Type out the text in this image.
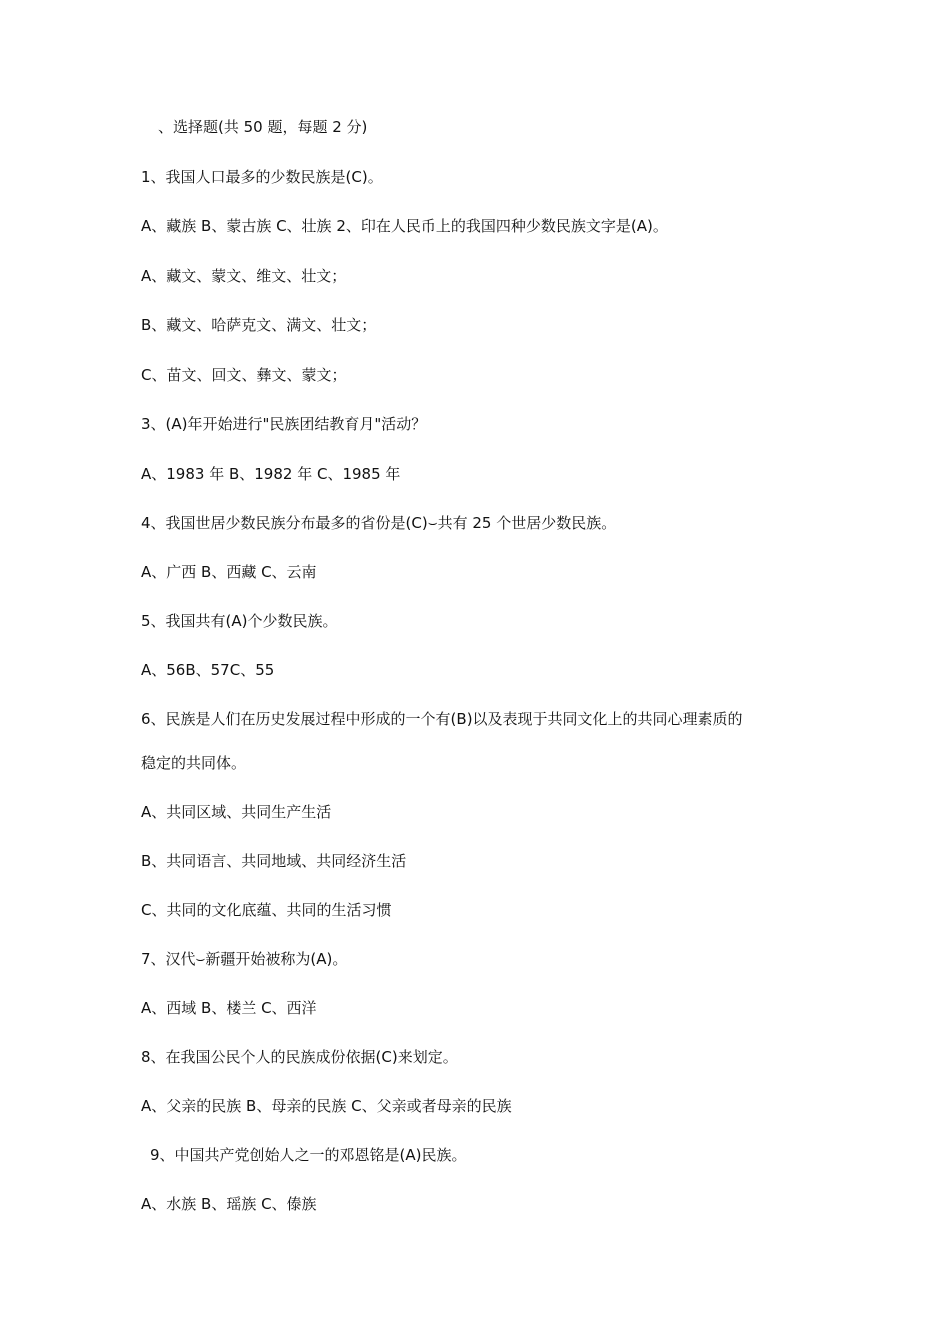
、选择题(共 50 题，每题 2 分)
1、我国人口最多的少数民族是(C)。
A、藏族 B、蒙古族 C、壮族 2、印在人民币上的我国四种少数民族文字是(A)。
A、藏文、蒙文、维文、壮文；
B、藏文、哈萨克文、满文、壮文；
C、苗文、回文、彝文、蒙文；
3、(A)年开始进行"民族团结教育月"活动？
A、1983 年 B、1982 年 C、1985 年
4、我国世居少数民族分布最多的省份是(C)⌣共有 25 个世居少数民族。
A、广西 B、西藏 C、云南
5、我国共有(A)个少数民族。
A、56B、57C、55
6、民族是人们在历史发展过程中形成的一个有(B)以及表现于共同文化上的共同心理素质的
稳定的共同体。
A、共同区域、共同生产生活
B、共同语言、共同地域、共同经济生活
C、共同的文化底蕴、共同的生活习惯
7、汉代⌣新疆开始被称为(A)。
A、西域 B、楼兰 C、西洋
8、在我国公民个人的民族成份依据(C)来划定。
A、父亲的民族 B、母亲的民族 C、父亲或者母亲的民族
9、中国共产党创始人之一的邓恩铭是(A)民族。
A、水族 B、瑶族 C、傣族
